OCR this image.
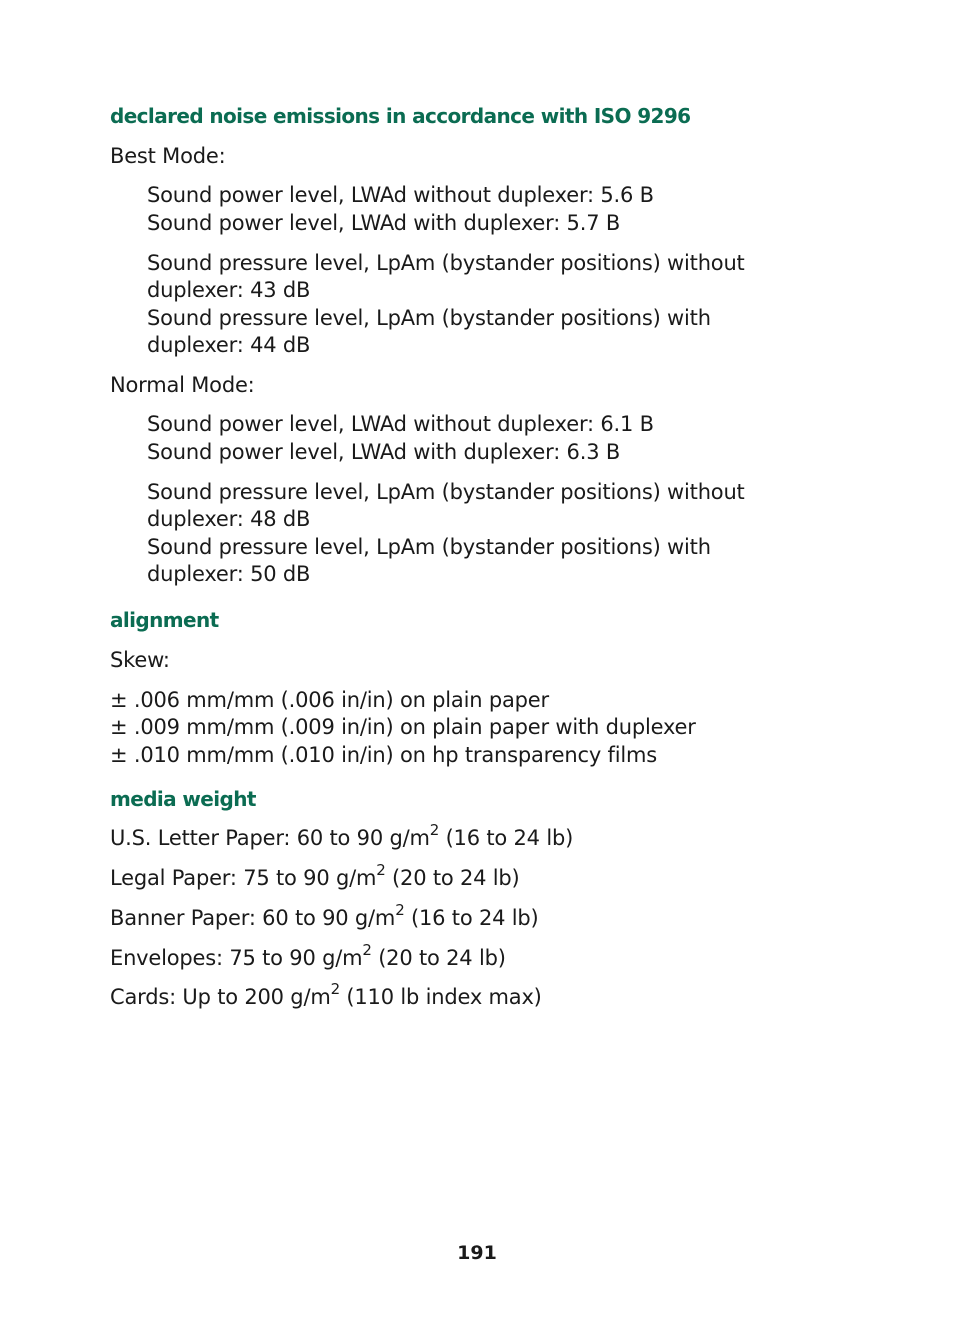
declared noise emissions in accordance with ISO 9296

Best Mode:

Sound power level, LWAd without duplexer: 5.6 B

Sound power level, LWAd with duplexer: 5.7 B

Sound pressure level, LpAm (bystander positions) without

duplexer: 43 dB

Sound pressure level, LpAm (bystander positions) with

duplexer: 44 dB

Normal Mode:

Sound power level, LWAd without duplexer: 6.1 B

Sound power level, LWAd with duplexer: 6.3 B

Sound pressure level, LpAm (bystander positions) without

duplexer: 48 dB

Sound pressure level, LpAm (bystander positions) with

duplexer: 50 dB

alignment

Skew:

± .006 mm/mm (.006 in/in) on plain paper

± .009 mm/mm (.009 in/in) on plain paper with duplexer

± .010 mm/mm (.010 in/in) on hp transparency films

media weight

U.S. Letter Paper: 60 to 90 $g/m^2$ (16 to 24 lb)

Legal Paper: 75 to 90 $g/m^2$ (20 to 24 lb)

Banner Paper: 60 to 90 $g/m^2$ (16 to 24 lb)

Envelopes: 75 to 90 $g/m^2$ (20 to 24 lb)

Cards: Up to 200 $g/m^2$ (110 lb index max)

191
